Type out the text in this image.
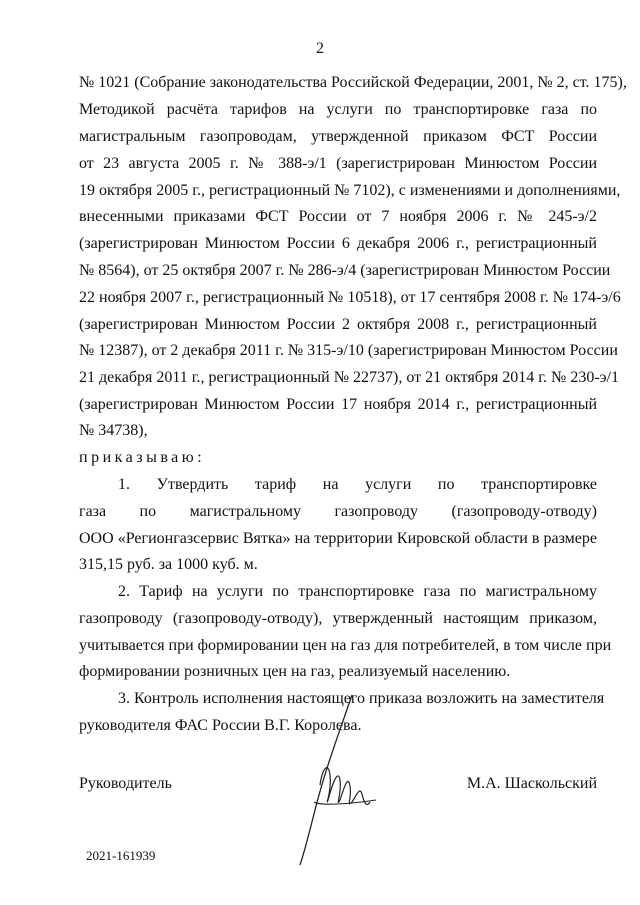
2
№ 1021 (Собрание законодательства Российской Федерации, 2001, № 2, ст. 175),
Методикой расчёта тарифов на услуги по транспортировке газа по
магистральным газопроводам, утвержденной приказом ФСТ России
от 23 августа 2005 г. № 388-э/1 (зарегистрирован Минюстом России
19 октября 2005 г., регистрационный № 7102), с изменениями и дополнениями,
внесенными приказами ФСТ России от 7 ноября 2006 г. № 245-э/2
(зарегистрирован Минюстом России 6 декабря 2006 г., регистрационный
№ 8564), от 25 октября 2007 г. № 286-э/4 (зарегистрирован Минюстом России
22 ноября 2007 г., регистрационный № 10518), от 17 сентября 2008 г. № 174-э/6
(зарегистрирован Минюстом России 2 октября 2008 г., регистрационный
№ 12387), от 2 декабря 2011 г. № 315-э/10 (зарегистрирован Минюстом России
21 декабря 2011 г., регистрационный № 22737), от 21 октября 2014 г. № 230-э/1
(зарегистрирован Минюстом России 17 ноября 2014 г., регистрационный
№ 34738),
приказываю:
1. Утвердить тариф на услуги по транспортировке
газа по магистральному газопроводу (газопроводу-отводу)
ООО «Регионгазсервис Вятка» на территории Кировской области в размере
315,15 руб. за 1000 куб. м.
2. Тариф на услуги по транспортировке газа по магистральному
газопроводу (газопроводу-отводу), утвержденный настоящим приказом,
учитывается при формировании цен на газ для потребителей, в том числе при
формировании розничных цен на газ, реализуемый населению.
3. Контроль исполнения настоящего приказа возложить на заместителя
руководителя ФАС России В.Г. Королева.
Руководитель	М.А. Шаскольский
2021-161939
